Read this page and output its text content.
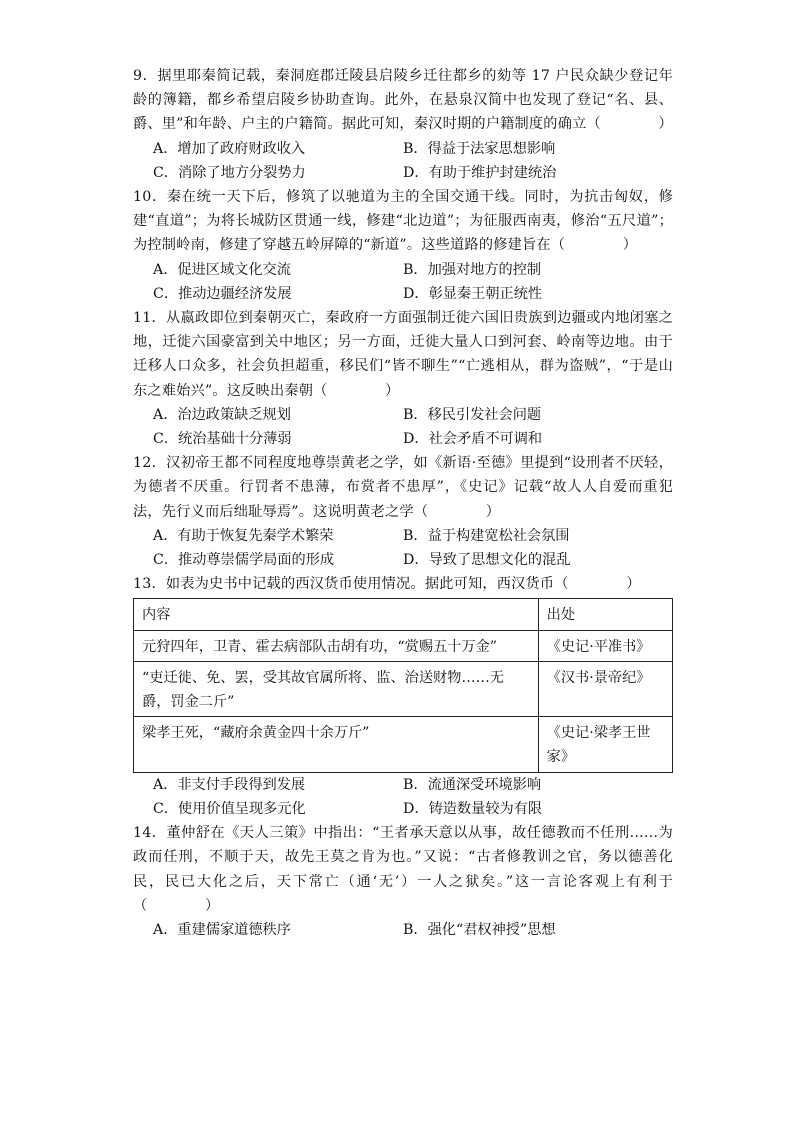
9．据里耶秦简记载，秦洞庭郡迁陵县启陵乡迁往都乡的劾等 17 户民众缺少登记年龄的簿籍，都乡希望启陵乡协助查询。此外，在悬泉汉简中也发现了登记“名、县、爵、里”和年龄、户主的户籍简。据此可知，秦汉时期的户籍制度的确立（　　　　）

A．增加了政府财政收入	B．得益于法家思想影响
C．消除了地方分裂势力	D．有助于维护封建统治

10．秦在统一天下后，修筑了以驰道为主的全国交通干线。同时，为抗击匈奴，修建“直道”；为将长城防区贯通一线，修建“北边道”；为征服西南夷，修治“五尺道”；为控制岭南，修建了穿越五岭屏障的“新道”。这些道路的修建旨在（　　　　）

A．促进区域文化交流	B．加强对地方的控制
C．推动边疆经济发展	D．彰显秦王朝正统性

11．从嬴政即位到秦朝灭亡，秦政府一方面强制迁徙六国旧贵族到边疆或内地闭塞之地，迁徙六国豪富到关中地区；另一方面，迁徙大量人口到河套、岭南等边地。由于迁移人口众多，社会负担超重，移民们“皆不聊生”“亡逃相从，群为盗贼”，“于是山东之难始兴”。这反映出秦朝（　　　　）

A．治边政策缺乏规划	B．移民引发社会问题
C．统治基础十分薄弱	D．社会矛盾不可调和

12．汉初帝王都不同程度地尊崇黄老之学，如《新语·至德》里提到“设刑者不厌轻，为德者不厌重。行罚者不患薄，布赏者不患厚”，《史记》记载“故人人自爱而重犯法，先行义而后绌耻辱焉”。这说明黄老之学（　　　　）

A．有助于恢复先秦学术繁荣	B．益于构建宽松社会氛围
C．推动尊崇儒学局面的形成	D．导致了思想文化的混乱

13．如表为史书中记载的西汉货币使用情况。据此可知，西汉货币（　　　　）

内容	出处
元狩四年，卫青、霍去病部队击胡有功，“赏赐五十万金”	《史记·平准书》
“吏迁徙、免、罢，受其故官属所将、监、治送财物……无爵，罚金二斤”	《汉书·景帝纪》
梁孝王死，“藏府余黄金四十余万斤”	《史记·梁孝王世家》
A．非支付手段得到发展	B．流通深受环境影响
C．使用价值呈现多元化	D．铸造数量较为有限

14．董仲舒在《天人三策》中指出：“王者承天意以从事，故任德教而不任刑……为政而任刑，不顺于天，故先王莫之肯为也。”又说：“古者修教训之官，务以德善化民，民已大化之后，天下常亡（通‘无’）一人之狱矣。”这一言论客观上有利于（　　　　）

A．重建儒家道德秩序	B．强化“君权神授”思想
